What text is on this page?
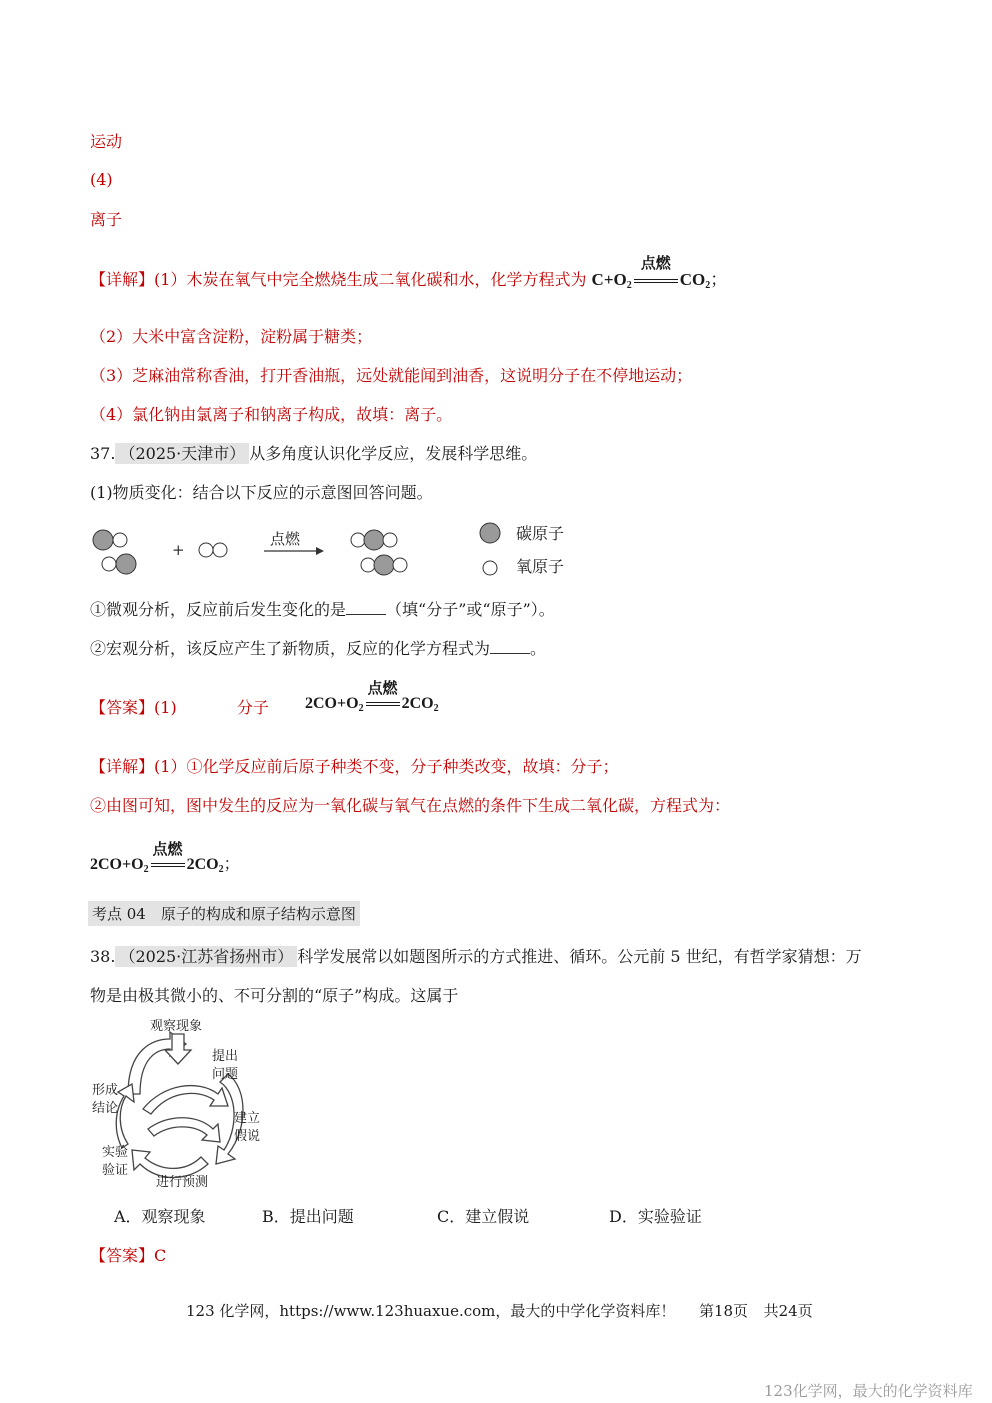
运动
(4)
离子
【详解】(1）木炭在氧气中完全燃烧生成二氧化碳和水，化学方程式为 $C+O_2$
点燃
$CO_2$；
（2）大米中富含淀粉，淀粉属于糖类；
（3）芝麻油常称香油，打开香油瓶，远处就能闻到油香，这说明分子在不停地运动；
（4）氯化钠由氯离子和钠离子构成，故填：离子。
37. （2025·天津市） 从多角度认识化学反应，发展科学思维。
(1)物质变化：结合以下反应的示意图回答问题。
+
点燃	碳原子
氧原子
①微观分析，反应前后发生变化的是	（填“分子”或“原子”）。
②宏观分析，该反应产生了新物质，反应的化学方程式为	。
【答案】(1)	分子 $2CO+O_2$
点燃
$2CO_2$
【详解】(1）①化学反应前后原子种类不变，分子种类改变，故填：分子；
②由图可知，图中发生的反应为一氧化碳与氧气在点燃的条件下生成二氧化碳，方程式为：
$2CO+O_2$
点燃
$2CO_2$；
考点 04　原子的构成和原子结构示意图
38. （2025·江苏省扬州市） 科学发展常以如题图所示的方式推进、循环。公元前 5 世纪，有哲学家猜想：万
物是由极其微小的、不可分割的“原子”构成。这属于
观察现象
提出
问题
建立
假说
进行预测
实验
验证
形成
结论
A．观察现象	B．提出问题	C．建立假说	D．实验验证
【答案】C
123 化学网，https://www.123huaxue.com，最大的中学化学资料库！ 第18页 共24页
123化学网，最大的化学资料库
